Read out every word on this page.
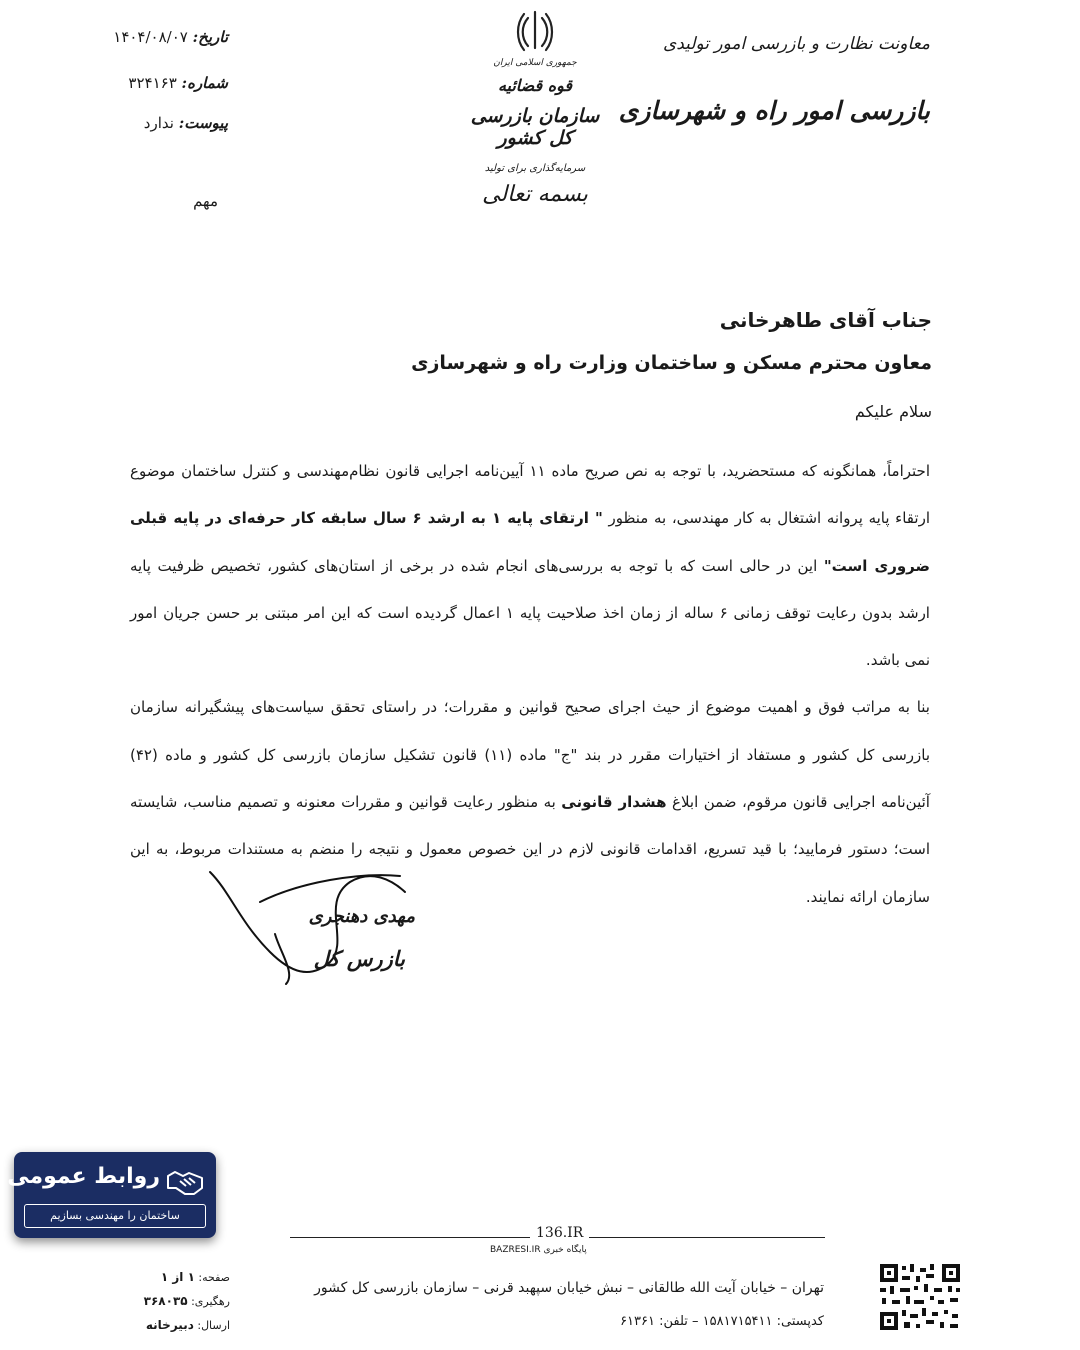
تاریخ: ۱۴۰۴/۰۸/۰۷
شماره: ۳۲۴۱۶۳
پیوست: ندارد
مهم
جمهوری اسلامی ایران
قوه قضائیه
سازمان بازرسی کل کشور
سرمایه‌گذاری برای تولید
بسمه تعالی
معاونت نظارت و بازرسی امور تولیدی
بازرسی امور راه و شهرسازی
جناب آقای طاهرخانی
معاون محترم مسکن و ساختمان وزارت راه و شهرسازی
سلام علیکم

احتراماً، همانگونه که مستحضرید، با توجه به نص صریح ماده ۱۱ آیین‌نامه اجرایی قانون نظام‌مهندسی و کنترل ساختمان موضوع ارتقاء پایه پروانه اشتغال به کار مهندسی، به منظور " ارتقای پایه ۱ به ارشد ۶ سال سابقه کار حرفه‌ای در پایه قبلی ضروری است" این در حالی است که با توجه به بررسی‌های انجام شده در برخی از استان‌های کشور، تخصیص ظرفیت پایه ارشد بدون رعایت توقف زمانی ۶ ساله از زمان اخذ صلاحیت پایه ۱ اعمال گردیده است که این امر مبتنی بر حسن جریان امور نمی باشد.

بنا به مراتب فوق و اهمیت موضوع از حیث اجرای صحیح قوانین و مقررات؛ در راستای تحقق سیاست‌های پیشگیرانه سازمان بازرسی کل کشور و مستفاد از اختیارات مقرر در بند "ج" ماده (۱۱) قانون تشکیل سازمان بازرسی کل کشور و ماده (۴۲) آئین‌نامه اجرایی قانون مرقوم، ضمن ابلاغ هشدار قانونی به منظور رعایت قوانین و مقررات معنونه و تصمیم مناسب، شایسته است؛ دستور فرمایید؛ با قید تسریع، اقدامات قانونی لازم در این خصوص معمول و نتیجه را منضم به مستندات مربوط، به این سازمان ارائه نمایند.

مهدی دهنجری
بازرس کل
روابط عمومی
ساختمان را مهندسی بسازیم
136.IR
BAZRESI.IR پایگاه خبری
تهران – خیابان آیت الله طالقانی – نبش خیابان سپهبد قرنی – سازمان بازرسی کل کشور
کدپستی: ۱۵۸۱۷۱۵۴۱۱ – تلفن: ۶۱۳۶۱
صفحه: ۱ از ۱
رهگیری: ۳۶۸۰۳۵
ارسال: دبیرخانه
